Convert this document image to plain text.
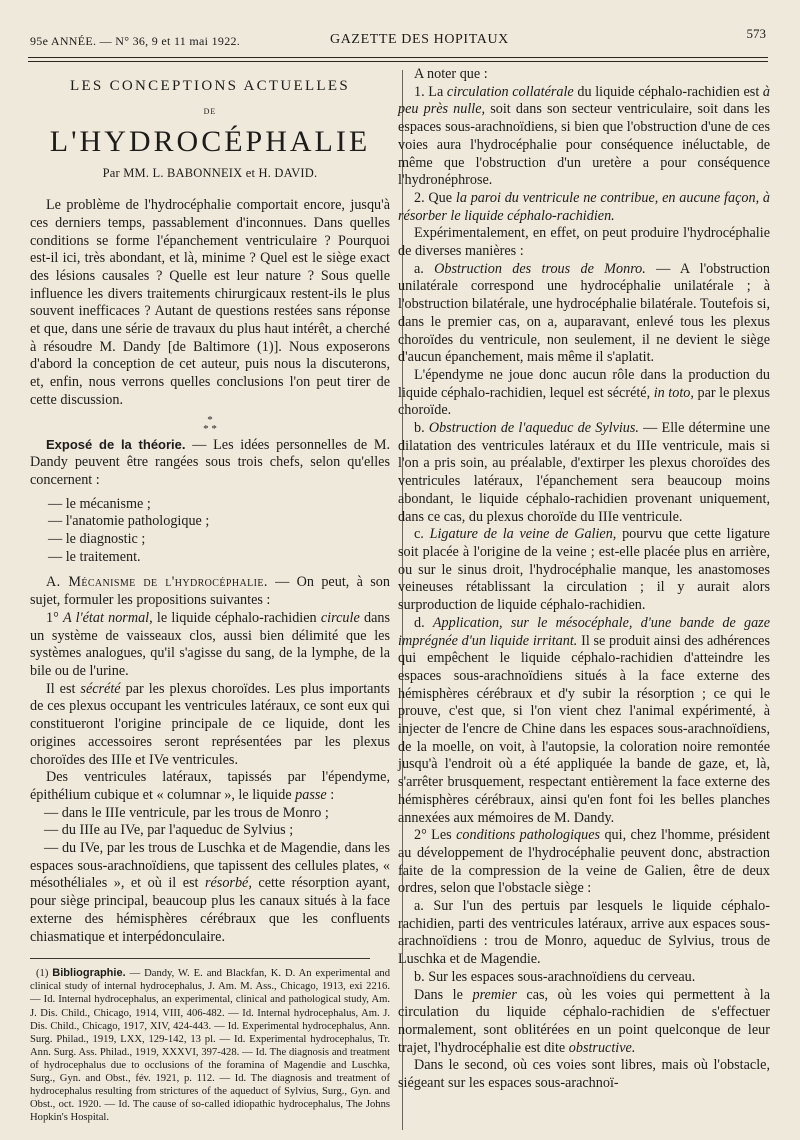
95e ANNÉE. — N° 36, 9 et 11 mai 1922.	GAZETTE DES HOPITAUX	573
LES CONCEPTIONS ACTUELLES
DE
L'HYDROCÉPHALIE
Par MM. L. BABONNEIX et H. DAVID.

Le problème de l'hydrocéphalie comportait encore, jusqu'à ces derniers temps, passablement d'inconnues. Dans quelles conditions se forme l'épanchement ventriculaire ? Pourquoi est-il ici, très abondant, et là, minime ? Quel est le siège exact des lésions causales ? Quelle est leur nature ? Sous quelle influence les divers traitements chirurgicaux restent-ils le plus souvent inefficaces ? Autant de questions restées sans réponse et que, dans une série de travaux du plus haut intérêt, a cherché à résoudre M. Dandy [de Baltimore (1)]. Nous exposerons d'abord la conception de cet auteur, puis nous la discuterons, et, enfin, nous verrons quelles conclusions l'on peut tirer de cette discussion.

*
* *

Exposé de la théorie. — Les idées personnelles de M. Dandy peuvent être rangées sous trois chefs, selon qu'elles concernent :

— le mécanisme ;
— l'anatomie pathologique ;
— le diagnostic ;
— le traitement.

A. Mécanisme de l'hydrocéphalie. — On peut, à son sujet, formuler les propositions suivantes :

1° A l'état normal, le liquide céphalo-rachidien circule dans un système de vaisseaux clos, aussi bien délimité que les systèmes analogues, qu'il s'agisse du sang, de la lymphe, de la bile ou de l'urine.

Il est sécrété par les plexus choroïdes. Les plus importants de ces plexus occupant les ventricules latéraux, ce sont eux qui constitueront l'origine principale de ce liquide, dont les origines accessoires seront représentées par les plexus choroïdes des IIIe et IVe ventricules.

Des ventricules latéraux, tapissés par l'épendyme, épithélium cubique et « columnar », le liquide passe :

— dans le IIIe ventricule, par les trous de Monro ;

— du IIIe au IVe, par l'aqueduc de Sylvius ;

— du IVe, par les trous de Luschka et de Magendie, dans les espaces sous-arachnoïdiens, que tapissent des cellules plates, « mésothéliales », et où il est résorbé, cette résorption ayant, pour siège principal, beaucoup plus les canaux situés à la face externe des hémisphères cérébraux que les confluents chiasmatique et interpédonculaire.

(1) Bibliographie. — Dandy, W. E. and Blackfan, K. D. An experimental and clinical study of internal hydrocephalus, J. Am. M. Ass., Chicago, 1913, exi 2216. — Id. Internal hydrocephalus, an experimental, clinical and pathological study, Am. J. Dis. Child., Chicago, 1914, VIII, 406-482. — Id. Internal hydrocephalus, Am. J. Dis. Child., Chicago, 1917, XIV, 424-443. — Id. Experimental hydrocephalus, Ann. Surg. Philad., 1919, LXX, 129-142, 13 pl. — Id. Experimental hydrocephalus, Tr. Ann. Surg. Ass. Philad., 1919, XXXVI, 397-428. — Id. The diagnosis and treatment of hydrocephalus due to occlusions of the foramina of Magendie and Luschka, Surg., Gyn. and Obst., fév. 1921, p. 112. — Id. The diagnosis and treatment of hydrocephalus resulting from strictures of the aqueduct of Sylvius, Surg., Gyn. and Obst., oct. 1920. — Id. The cause of so-called idiopathic hydrocephalus, The Johns Hopkin's Hospital.

A noter que :

1. La circulation collatérale du liquide céphalo-rachidien est à peu près nulle, soit dans son secteur ventriculaire, soit dans les espaces sous-arachnoïdiens, si bien que l'obstruction d'une de ces voies aura l'hydrocéphalie pour conséquence inéluctable, de même que l'obstruction d'un uretère a pour conséquence l'hydronéphrose.

2. Que la paroi du ventricule ne contribue, en aucune façon, à résorber le liquide céphalo-rachidien.

Expérimentalement, en effet, on peut produire l'hydrocéphalie de diverses manières :

a. Obstruction des trous de Monro. — A l'obstruction unilatérale correspond une hydrocéphalie unilatérale ; à l'obstruction bilatérale, une hydrocéphalie bilatérale. Toutefois si, dans le premier cas, on a, auparavant, enlevé tous les plexus choroïdes du ventricule, non seulement, il ne devient le siège d'aucun épanchement, mais même il s'aplatit.

L'épendyme ne joue donc aucun rôle dans la production du liquide céphalo-rachidien, lequel est sécrété, in toto, par le plexus choroïde.

b. Obstruction de l'aqueduc de Sylvius. — Elle détermine une dilatation des ventricules latéraux et du IIIe ventricule, mais si l'on a pris soin, au préalable, d'extirper les plexus choroïdes des ventricules latéraux, l'épanchement sera beaucoup moins abondant, le liquide céphalo-rachidien provenant uniquement, dans ce cas, du plexus choroïde du IIIe ventricule.

c. Ligature de la veine de Galien, pourvu que cette ligature soit placée à l'origine de la veine ; est-elle placée plus en arrière, ou sur le sinus droit, l'hydrocéphalie manque, les anastomoses veineuses rétablissant la circulation ; il y aurait alors surproduction de liquide céphalo-rachidien.

d. Application, sur le mésocéphale, d'une bande de gaze imprégnée d'un liquide irritant. Il se produit ainsi des adhérences qui empêchent le liquide céphalo-rachidien d'atteindre les espaces sous-arachnoïdiens situés à la face externe des hémisphères cérébraux et d'y subir la résorption ; ce qui le prouve, c'est que, si l'on vient chez l'animal expérimenté, à injecter de l'encre de Chine dans les espaces sous-arachnoïdiens, de la moelle, on voit, à l'autopsie, la coloration noire remontée jusqu'à l'endroit où a été appliquée la bande de gaze, et, là, s'arrêter brusquement, respectant entièrement la face externe des hémisphères cérébraux, ainsi qu'en font foi les belles planches annexées aux mémoires de M. Dandy.

2° Les conditions pathologiques qui, chez l'homme, président au développement de l'hydrocéphalie peuvent donc, abstraction faite de la compression de la veine de Galien, être de deux ordres, selon que l'obstacle siège :

a. Sur l'un des pertuis par lesquels le liquide céphalo-rachidien, parti des ventricules latéraux, arrive aux espaces sous-arachnoïdiens : trou de Monro, aqueduc de Sylvius, trous de Luschka et de Magendie.

b. Sur les espaces sous-arachnoïdiens du cerveau.

Dans le premier cas, où les voies qui permettent à la circulation du liquide céphalo-rachidien de s'effectuer normalement, sont oblitérées en un point quelconque de leur trajet, l'hydrocéphalie est dite obstructive.

Dans le second, où ces voies sont libres, mais où l'obstacle, siégeant sur les espaces sous-arachnoï-
